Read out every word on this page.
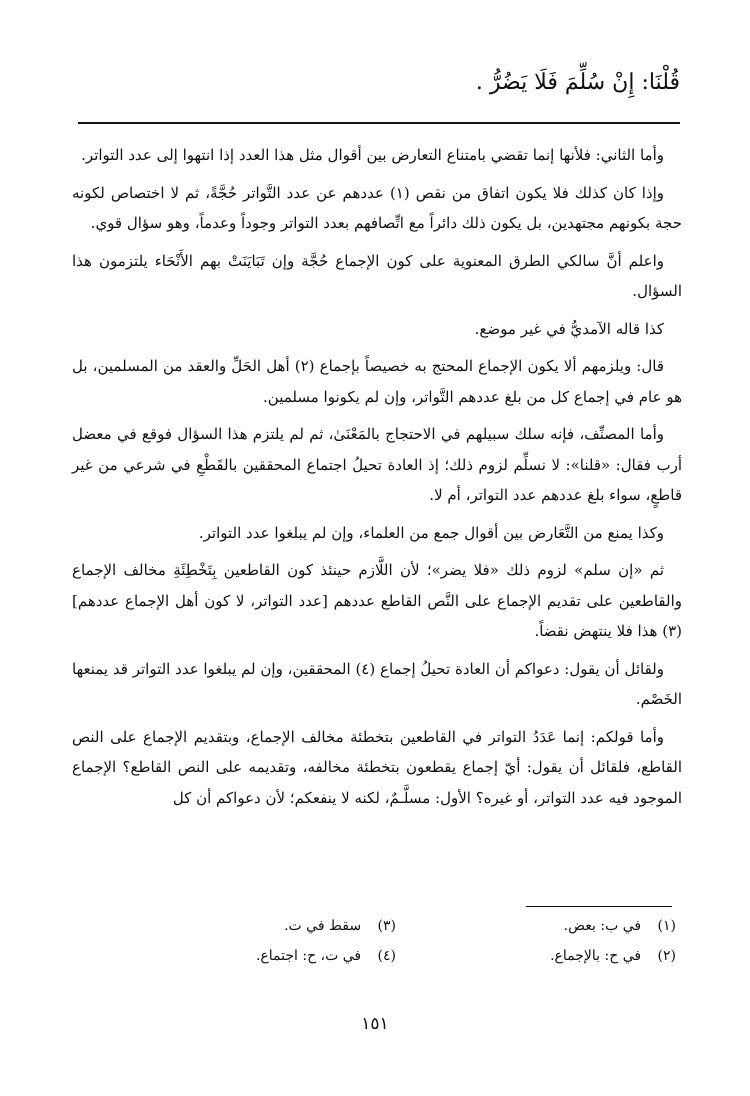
قُلْنَا: إِنْ سُلِّمَ فَلَا يَضُرُّ .

وأما الثاني: فلأنها إنما تقضي بامتناع التعارض بين أقوال مثل هذا العدد إذا انتهوا إلى عدد التواتر.

وإذا كان كذلك فلا يكون اتفاق من نقص (١) عددهم عن عدد التَّواتر حُجَّةً، ثم لا اختصاص لكونه حجة بكونهم مجتهدين، بل يكون ذلك دائراً مع اتِّصافهم بعدد التواتر وجوداً وعدماً، وهو سؤال قوي.

واعلم أنَّ سالكي الطرق المعنوية على كون الإجماع حُجَّة وإن تَبَايَنَتْ بهم الأَنْحَاء يلتزمون هذا السؤال.

كذا قاله الآمديُّ في غير موضع.

قال: ويلزمهم ألا يكون الإجماع المحتج به خصيصاً بإجماع (٢) أهل الحَلِّ والعقد من المسلمين، بل هو عام في إجماع كل من بلغ عددهم التَّواتر، وإن لم يكونوا مسلمين.

وأما المصنِّف، فإنه سلك سبيلهم في الاحتجاج بالمَعْنَىٰ، ثم لم يلتزم هذا السؤال فوقع في معضل أرب فقال: «قلنا»: لا نسلِّم لزوم ذلك؛ إذ العادة تحيلُ اجتماع المحققين بالقَطْعِ في شرعي من غير قاطعٍ، سواء بلغ عددهم عدد التواتر، أم لا.

وكذا يمنع من التَّعَارض بين أقوال جمع من العلماء، وإن لم يبلغوا عدد التواتر.

ثم «إن سلم» لزوم ذلك «فلا يضر»؛ لأن اللَّازم حينئذ كون القاطعين بِتَخْطِئَةِ مخالف الإجماع والقاطعين على تقديم الإجماع على النَّص القاطع عددهم [عدد التواتر، لا كون أهل الإجماع عددهم] (٣) هذا فلا ينتهض نقضاً.

ولقائل أن يقول: دعواكم أن العادة تحيلُ إجماع (٤) المحققين، وإن لم يبلغوا عدد التواتر قد يمنعها الخَصْم.

وأما قولكم: إنما عَدَدُ التواتر في القاطعين بتخطئة مخالف الإجماع، وبتقديم الإجماع على النص القاطع، فلقائل أن يقول: أيّ إجماع يقطعون بتخطئة مخالفه، وتقديمه على النص القاطع؟ الإجماع الموجود فيه عدد التواتر، أو غيره؟ الأول: مسلَّـمٌ، لكنه لا ينفعكم؛ لأن دعواكم أن كل

(١) في ب: بعض.
(٢) في ح: بالإجماع.
(٣) سقط في ت.
(٤) في ت، ح: اجتماع.
١٥١
